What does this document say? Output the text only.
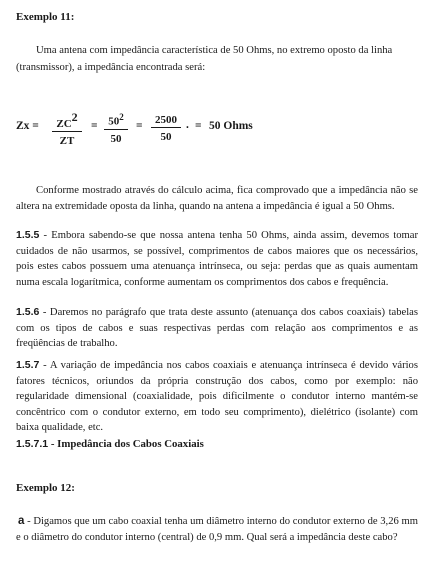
Exemplo 11:
Uma antena com impedância característica de 50 Ohms, no extremo oposto da linha
(transmissor), a impedância encontrada será:
$Zx = \frac{ZC2}{ZT} = \frac{50^2}{50} = \frac{2500}{50}$ . = 50 Ohms

Conforme mostrado através do cálculo acima, fica comprovado que a impedância não se altera na extremidade oposta da linha, quando na antena a impedância é igual a 50 Ohms.

1.5.5 - Embora sabendo-se que nossa antena tenha 50 Ohms, ainda assim, devemos tomar cuidados de não usarmos, se possível, comprimentos de cabos maiores que os necessários, pois estes cabos possuem uma atenuança intrínseca, ou seja: perdas que as quais aumentam numa escala logarítmica, conforme aumentam os comprimentos dos cabos e frequência.

1.5.6 - Daremos no parágrafo que trata deste assunto (atenuança dos cabos coaxiais) tabelas com os tipos de cabos e suas respectivas perdas com relação aos comprimentos e as freqüências de trabalho.

1.5.7 - A variação de impedância nos cabos coaxiais e atenuança intrínseca é devido vários fatores técnicos, oriundos da própria construção dos cabos, como por exemplo: não regularidade dimensional (coaxialidade, pois dificilmente o condutor interno mantém-se concêntrico com o condutor externo, em todo seu comprimento), dielétrico (isolante) com baixa qualidade, etc.

1.5.7.1 - Impedância dos Cabos Coaxiais
Exemplo 12:

a - Digamos que um cabo coaxial tenha um diâmetro interno do condutor externo de 3,26 mm e o diâmetro do condutor interno (central) de 0,9 mm. Qual será a impedância deste cabo?
